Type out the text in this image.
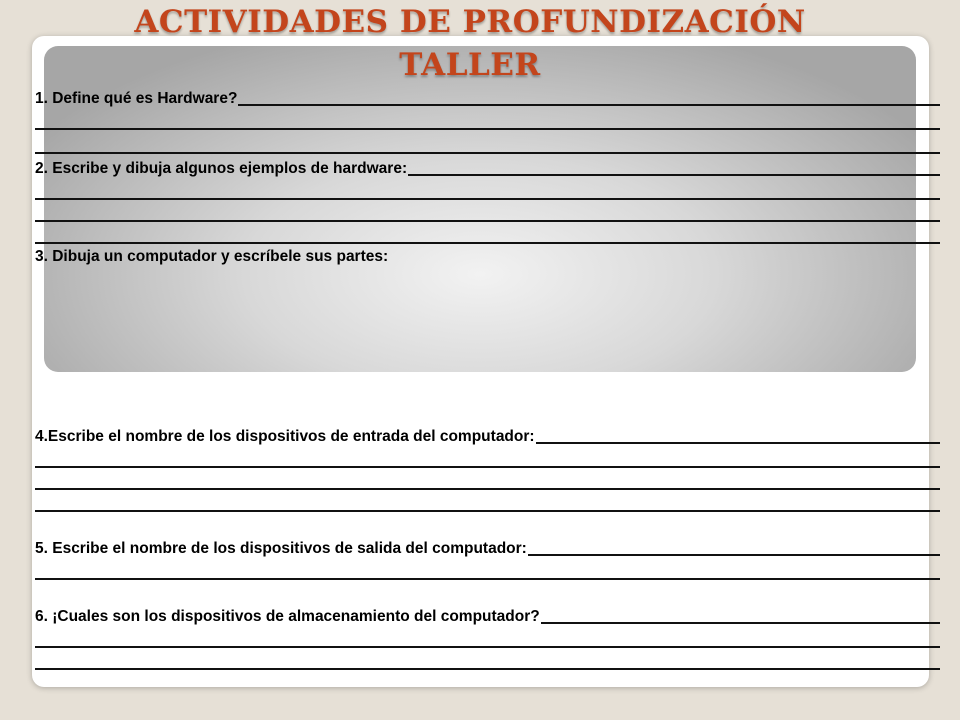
ACTIVIDADES DE PROFUNDIZACIÓN
TALLER
1. Define qué es Hardware?
2. Escribe y dibuja algunos ejemplos de hardware:
3. Dibuja un computador y escríbele sus partes:
4.Escribe el nombre de los dispositivos de entrada del computador:
5. Escribe el nombre de los dispositivos de salida del computador:
6. ¡Cuales son los dispositivos de almacenamiento del computador?
